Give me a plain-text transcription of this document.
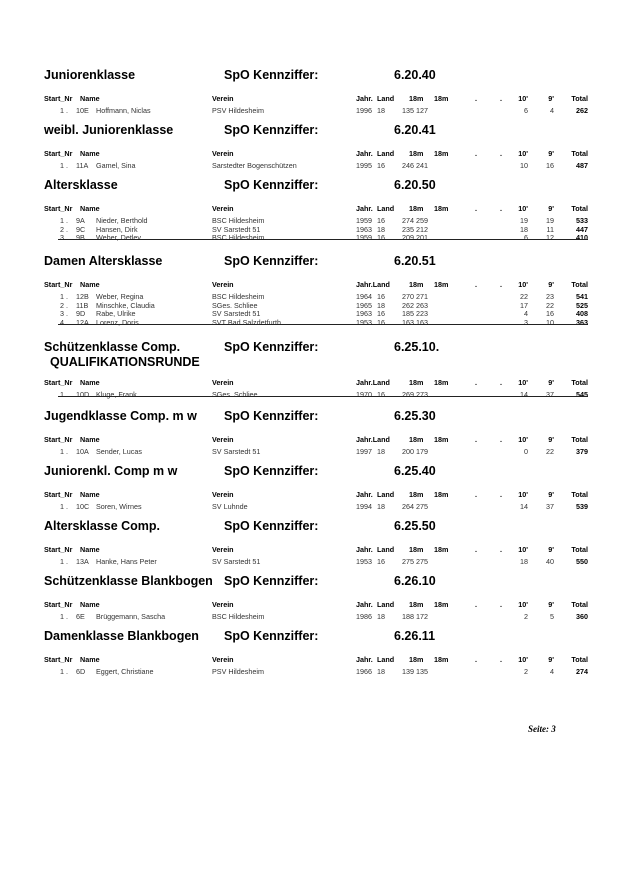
Juniorenklasse	SpO Kennziffer:	6.20.40
Start_Nr Name	Verein	Jahr. Land 18m 18m	.	. 10'	9' Total
1 . 10E Hoffmann, Niclas	PSV Hildesheim	1996 18 135 127	6	4	262
weibl. Juniorenklasse	SpO Kennziffer:	6.20.41
Start_Nr Name	Verein	Jahr. Land 18m 18m	.	. 10'	9' Total
1 . 11A Gamel, Sina	Sarstedter Bogenschützen	1995 16 246 241	10	16	487
Altersklasse	SpO Kennziffer:	6.20.50
Start_Nr Name	Verein	Jahr. Land 18m 18m	.	. 10'	9' Total
1 . 9A Nieder, Berthold	BSC Hildesheim	1959 16 274 259	19	19	533
2 . 9C Hansen, Dirk	SV Sarstedt 51	1963 18 235 212	18	11	447
3 . 9B Weber, Detlev	BSC Hildesheim	1959 16 209 201	6	12	410
Damen Altersklasse	SpO Kennziffer:	6.20.51
Start_Nr Name	Verein	Jahr.Land	18m 18m	.	. 10'	9' Total
1 . 12B Weber, Regina	BSC Hildesheim	1964 16 270 271	22	23	541
2 . 11B Minschke, Claudia	SGes. Schliee	1965 18 262 263	17	22	525
3 . 9D Rabe, Ulrike	SV Sarstedt 51	1963 16 185 223	4	16	408
4 . 12A Lorenz, Doris	SVT Bad Salzdetfurth	1953 16 163 163	3	10	363
Schützenklasse Comp.
QUALIFIKATIONSRUNDE
SpO Kennziffer:	6.25.10.
Start_Nr Name	Verein	Jahr.Land	18m 18m	.	. 10'	9' Total
1 . 10D Kluge, Frank	SGes. Schliee	1970 16 269 273	14	37	545
Jugendklasse Comp. m w SpO Kennziffer:	6.25.30
Start_Nr Name	Verein	Jahr.Land	18m 18m	.	. 10'	9' Total
1 . 10A Sender, Lucas	SV Sarstedt 51	1997 18 200 179	0	22	379
Juniorenkl. Comp m w	SpO Kennziffer:	6.25.40
Start_Nr Name	Verein	Jahr. Land 18m 18m	.	. 10'	9' Total
1 . 10C Soren, Wirnes	SV Luhnde	1994 18 264 275	14	37	539
Altersklasse Comp.	SpO Kennziffer:	6.25.50
Start_Nr Name	Verein	Jahr. Land 18m 18m	.	. 10'	9' Total
1 . 13A Hanke, Hans Peter	SV Sarstedt 51	1953 16 275 275	18	40	550
Schützenklasse Blankbogen SpO Kennziffer:	6.26.10
Start_Nr Name	Verein	Jahr. Land 18m 18m	.	. 10'	9' Total
1 . 6E Brüggemann, Sascha	BSC Hildesheim	1986 18 188 172	2	5	360
Damenklasse Blankbogen SpO Kennziffer:	6.26.11
Start_Nr Name	Verein	Jahr. Land 18m 18m	.	. 10'	9' Total
1 . 6D Eggert, Christiane	PSV Hildesheim	1966 18 139 135	2	4	274
Seite: 3
